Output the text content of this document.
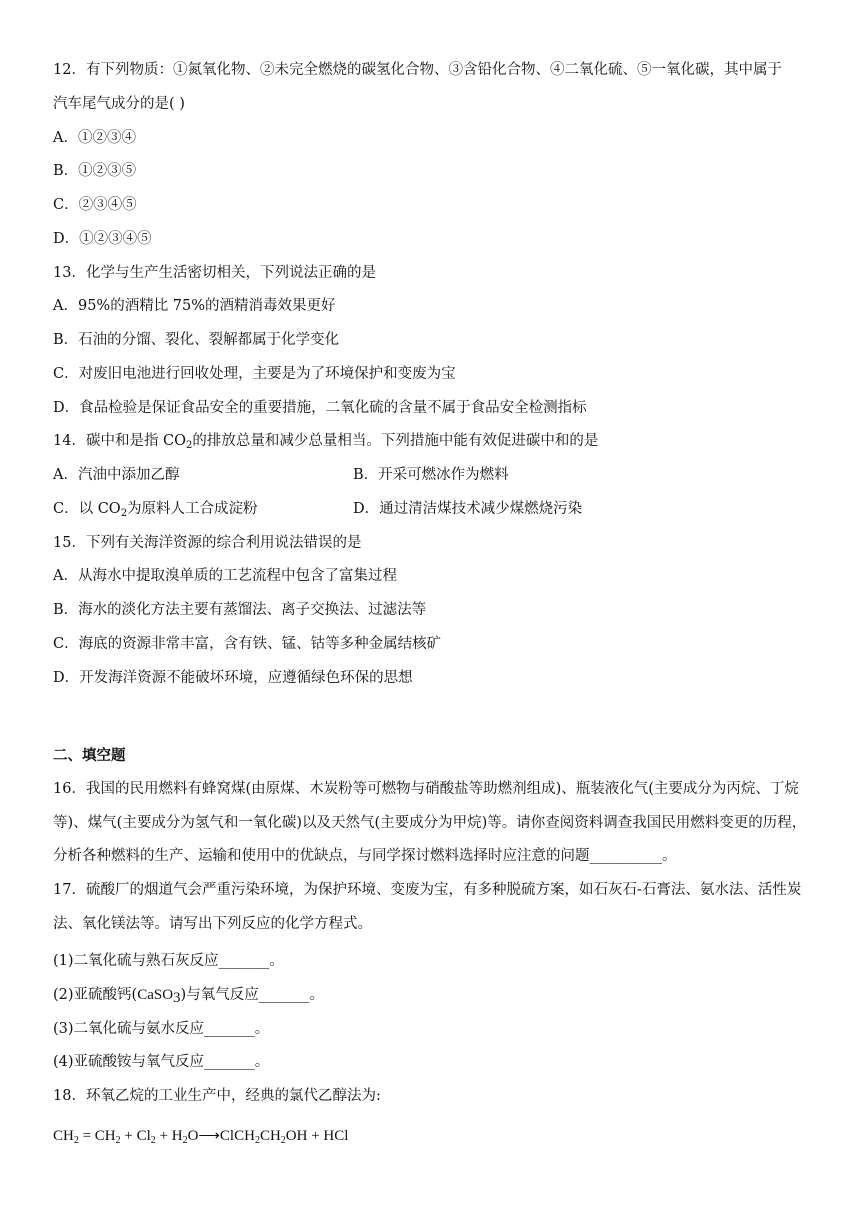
12．有下列物质：①氮氧化物、②未完全燃烧的碳氢化合物、③含铅化合物、④二氧化硫、⑤一氧化碳，其中属于
汽车尾气成分的是( )
A．①②③④
B．①②③⑤
C．②③④⑤
D．①②③④⑤
13．化学与生产生活密切相关，下列说法正确的是
A．95%的酒精比 75%的酒精消毒效果更好
B．石油的分馏、裂化、裂解都属于化学变化
C．对废旧电池进行回收处理，主要是为了环境保护和变废为宝
D．食品检验是保证食品安全的重要措施，二氧化硫的含量不属于食品安全检测指标
14．碳中和是指 $CO_2$的排放总量和减少总量相当。下列措施中能有效促进碳中和的是
A．汽油中添加乙醇	B．开采可燃冰作为燃料
C．以 $CO_2$为原料人工合成淀粉	D．通过清洁煤技术减少煤燃烧污染
15．下列有关海洋资源的综合利用说法错误的是
A．从海水中提取溴单质的工艺流程中包含了富集过程
B．海水的淡化方法主要有蒸馏法、离子交换法、过滤法等
C．海底的资源非常丰富，含有铁、锰、钴等多种金属结核矿
D．开发海洋资源不能破坏环境，应遵循绿色环保的思想
二、填空题
16．我国的民用燃料有蜂窝煤(由原煤、木炭粉等可燃物与硝酸盐等助燃剂组成)、瓶装液化气(主要成分为丙烷、丁烷等)、煤气(主要成分为氢气和一氧化碳)以及天然气(主要成分为甲烷)等。请你查阅资料调查我国民用燃料变更的历程，分析各种燃料的生产、运输和使用中的优缺点，与同学探讨燃料选择时应注意的问题__________。
17．硫酸厂的烟道气会严重污染环境，为保护环境、变废为宝，有多种脱硫方案，如石灰石-石膏法、氨水法、活性炭法、氧化镁法等。请写出下列反应的化学方程式。
(1)二氧化硫与熟石灰反应_______。
(2)亚硫酸钙(CaSO3)与氧气反应_______。
(3)二氧化硫与氨水反应_______。
(4)亚硫酸铵与氧气反应_______。
18．环氧乙烷的工业生产中，经典的氯代乙醇法为:
$CH_2 = CH_2 + Cl_2$ + $H_2O⟶ClCH_2CH_2OH$ + HCl
